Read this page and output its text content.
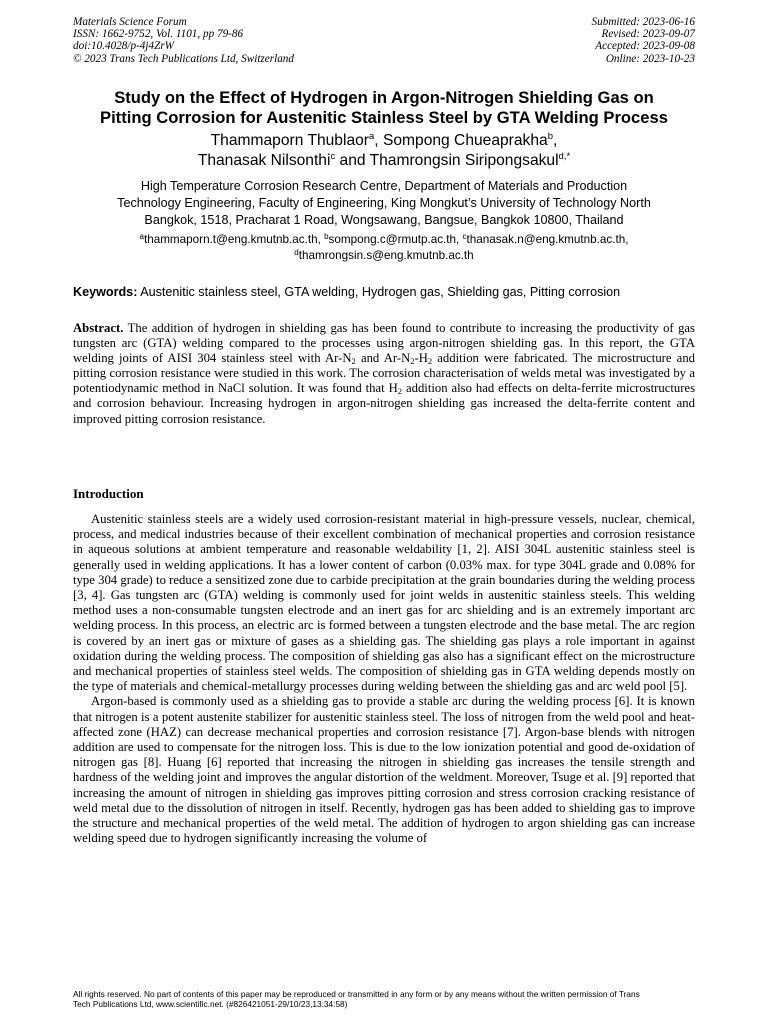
Materials Science Forum
ISSN: 1662-9752, Vol. 1101, pp 79-86
doi:10.4028/p-4j4ZrW
© 2023 Trans Tech Publications Ltd, Switzerland
Submitted: 2023-06-16
Revised: 2023-09-07
Accepted: 2023-09-08
Online: 2023-10-23
Study on the Effect of Hydrogen in Argon-Nitrogen Shielding Gas on
Pitting Corrosion for Austenitic Stainless Steel by GTA Welding Process
Thammaporn Thublaor$^a$, Sompong Chueaprakha$^b$,
Thanasak Nilsonthi$^c$ and Thamrongsin Siripongsakul$^{d,*}$
High Temperature Corrosion Research Centre, Department of Materials and Production
Technology Engineering, Faculty of Engineering, King Mongkut’s University of Technology North
Bangkok, 1518, Pracharat 1 Road, Wongsawang, Bangsue, Bangkok 10800, Thailand
$^a$thammaporn.t@eng.kmutnb.ac.th, $^b$sompong.c@rmutp.ac.th, $^c$thanasak.n@eng.kmutnb.ac.th,
$^d$thamrongsin.s@eng.kmutnb.ac.th
Keywords: Austenitic stainless steel, GTA welding, Hydrogen gas, Shielding gas, Pitting corrosion
Abstract. The addition of hydrogen in shielding gas has been found to contribute to increasing the productivity of gas tungsten arc (GTA) welding compared to the processes using argon-nitrogen shielding gas. In this report, the GTA welding joints of AISI 304 stainless steel with $Ar-N_2$ and $Ar-N_2-H_2$ addition were fabricated. The microstructure and pitting corrosion resistance were studied in this work. The corrosion characterisation of welds metal was investigated by a potentiodynamic method in NaCl solution. It was found that $H_2$ addition also had effects on delta-ferrite microstructures and corrosion behaviour. Increasing hydrogen in argon-nitrogen shielding gas increased the delta-ferrite content and improved pitting corrosion resistance.
Introduction

Austenitic stainless steels are a widely used corrosion-resistant material in high-pressure vessels, nuclear, chemical, process, and medical industries because of their excellent combination of mechanical properties and corrosion resistance in aqueous solutions at ambient temperature and reasonable weldability [1, 2]. AISI 304L austenitic stainless steel is generally used in welding applications. It has a lower content of carbon (0.03% max. for type 304L grade and 0.08% for type 304 grade) to reduce a sensitized zone due to carbide precipitation at the grain boundaries during the welding process [3, 4]. Gas tungsten arc (GTA) welding is commonly used for joint welds in austenitic stainless steels. This welding method uses a non-consumable tungsten electrode and an inert gas for arc shielding and is an extremely important arc welding process. In this process, an electric arc is formed between a tungsten electrode and the base metal. The arc region is covered by an inert gas or mixture of gases as a shielding gas. The shielding gas plays a role important in against oxidation during the welding process. The composition of shielding gas also has a significant effect on the microstructure and mechanical properties of stainless steel welds. The composition of shielding gas in GTA welding depends mostly on the type of materials and chemical-metallurgy processes during welding between the shielding gas and arc weld pool [5].

Argon-based is commonly used as a shielding gas to provide a stable arc during the welding process [6]. It is known that nitrogen is a potent austenite stabilizer for austenitic stainless steel. The loss of nitrogen from the weld pool and heat-affected zone (HAZ) can decrease mechanical properties and corrosion resistance [7]. Argon-base blends with nitrogen addition are used to compensate for the nitrogen loss. This is due to the low ionization potential and good de-oxidation of nitrogen gas [8]. Huang [6] reported that increasing the nitrogen in shielding gas increases the tensile strength and hardness of the welding joint and improves the angular distortion of the weldment. Moreover, Tsuge et al. [9] reported that increasing the amount of nitrogen in shielding gas improves pitting corrosion and stress corrosion cracking resistance of weld metal due to the dissolution of nitrogen in itself. Recently, hydrogen gas has been added to shielding gas to improve the structure and mechanical properties of the weld metal. The addition of hydrogen to argon shielding gas can increase welding speed due to hydrogen significantly increasing the volume of

All rights reserved. No part of contents of this paper may be reproduced or transmitted in any form or by any means without the written permission of Trans
Tech Publications Ltd, www.scientific.net. (#826421051-29/10/23,13:34:58)
